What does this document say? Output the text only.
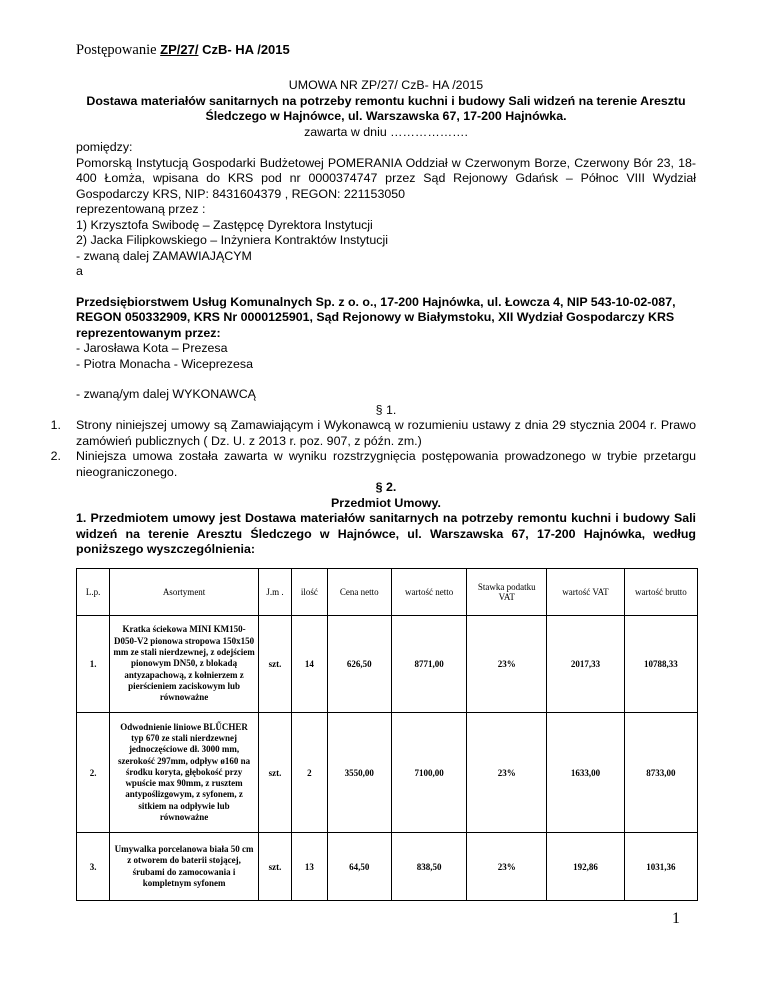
Postępowanie ZP/27/ CzB- HA /2015

UMOWA NR ZP/27/ CzB- HA /2015

Dostawa materiałów sanitarnych na potrzeby remontu kuchni i budowy Sali widzeń na terenie Aresztu Śledczego w Hajnówce, ul. Warszawska 67, 17-200 Hajnówka.

zawarta w dniu ……………….

pomiędzy:

Pomorską Instytucją Gospodarki Budżetowej POMERANIA Oddział w Czerwonym Borze, Czerwony Bór 23, 18-400 Łomża, wpisana do KRS pod nr 0000374747 przez Sąd Rejonowy Gdańsk – Północ VIII Wydział Gospodarczy KRS, NIP: 8431604379 , REGON: 221153050

reprezentowaną przez :

1) Krzysztofa Swibodę – Zastępcę Dyrektora Instytucji

2) Jacka Filipkowskiego – Inżyniera Kontraktów Instytucji

- zwaną dalej ZAMAWIAJĄCYM

a

Przedsiębiorstwem Usług Komunalnych Sp. z o. o., 17-200 Hajnówka, ul. Łowcza 4, NIP 543-10-02-087, REGON 050332909, KRS Nr 0000125901, Sąd Rejonowy w Białymstoku, XII Wydział Gospodarczy KRS

reprezentowanym przez:

- Jarosława Kota – Prezesa

- Piotra Monacha - Wiceprezesa

- zwaną/ym dalej WYKONAWCĄ

§ 1.

1. Strony niniejszej umowy są Zamawiającym i Wykonawcą w rozumieniu ustawy z dnia 29 stycznia 2004 r. Prawo zamówień publicznych ( Dz. U. z 2013 r. poz. 907, z późn. zm.)
2. Niniejsza umowa została zawarta w wyniku rozstrzygnięcia postępowania prowadzonego w trybie przetargu nieograniczonego.

§ 2.

Przedmiot Umowy.

1. Przedmiotem umowy jest Dostawa materiałów sanitarnych na potrzeby remontu kuchni i budowy Sali widzeń na terenie Aresztu Śledczego w Hajnówce, ul. Warszawska 67, 17-200 Hajnówka, według poniższego wyszczególnienia:

L.p.	Asortyment	J.m .	ilość	Cena netto	wartość netto	Stawka podatku VAT	wartość VAT	wartość brutto
1.	Kratka ściekowa MINI KM150-D050-V2 pionowa stropowa 150x150 mm ze stali nierdzewnej, z odejściem pionowym DN50, z blokadą antyzapachową, z kołnierzem z pierścieniem zaciskowym lub równoważne	szt.	14	626,50	8771,00	23%	2017,33	10788,33
2.	Odwodnienie liniowe BLŰCHER typ 670 ze stali nierdzewnej jednoczęściowe dł. 3000 mm, szerokość 297mm, odpływ ø160 na środku koryta, głębokość przy wpuście max 90mm, z rusztem antypoślizgowym, z syfonem, z sitkiem na odpływie lub równoważne	szt.	2	3550,00	7100,00	23%	1633,00	8733,00
3.	Umywalka porcelanowa biała 50 cm z otworem do baterii stojącej, śrubami do zamocowania i kompletnym syfonem	szt.	13	64,50	838,50	23%	192,86	1031,36
1
